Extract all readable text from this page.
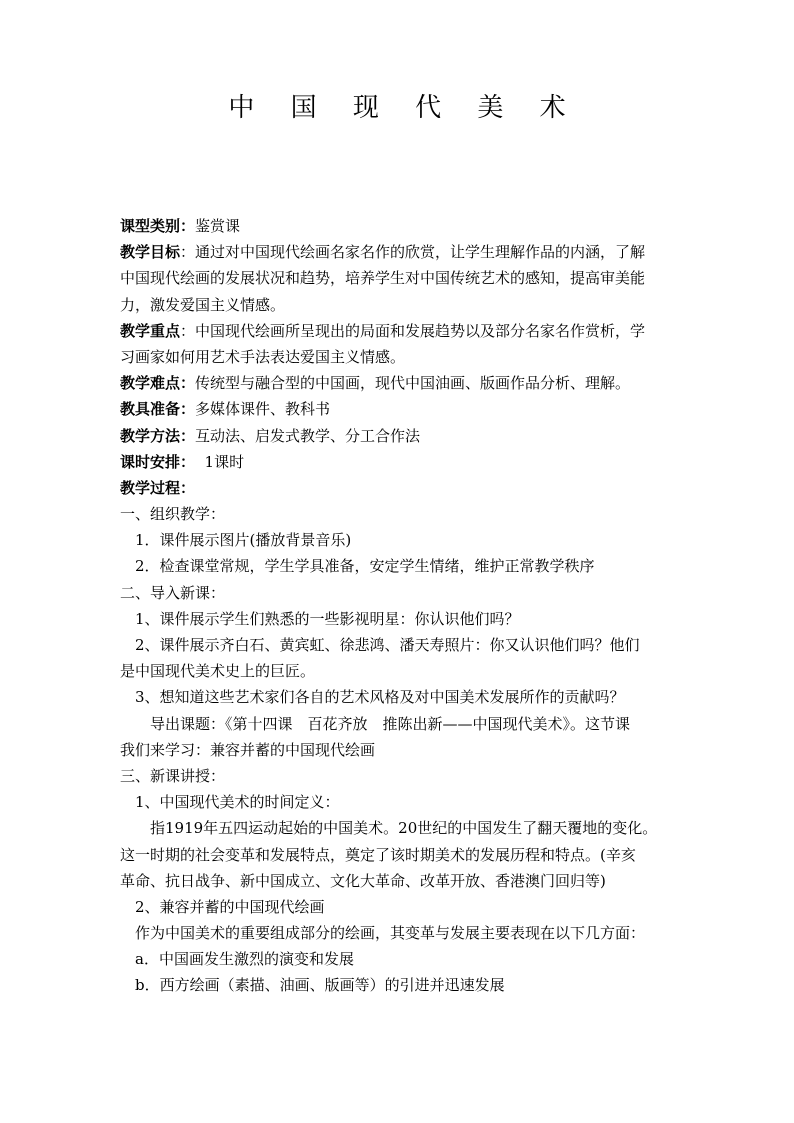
中 国 现 代 美 术
课型类别：鉴赏课
教学目标：通过对中国现代绘画名家名作的欣赏，让学生理解作品的内涵，了解
中国现代绘画的发展状况和趋势，培养学生对中国传统艺术的感知，提高审美能
力，激发爱国主义情感。
教学重点：中国现代绘画所呈现出的局面和发展趋势以及部分名家名作赏析，学
习画家如何用艺术手法表达爱国主义情感。
教学难点：传统型与融合型的中国画，现代中国油画、版画作品分析、理解。
教具准备：多媒体课件、教科书
教学方法：互动法、启发式教学、分工合作法
课时安排：  1课时
教学过程：
一、组织教学：
1．课件展示图片(播放背景音乐)
2．检查课堂常规，学生学具准备，安定学生情绪，维护正常教学秩序
二、导入新课：
1、课件展示学生们熟悉的一些影视明星：你认识他们吗？
2、课件展示齐白石、黄宾虹、徐悲鸿、潘天寿照片：你又认识他们吗？他们
是中国现代美术史上的巨匠。
3、想知道这些艺术家们各自的艺术风格及对中国美术发展所作的贡献吗？
导出课题：《第十四课　百花齐放　推陈出新——中国现代美术》。这节课
我们来学习：兼容并蓄的中国现代绘画
三、新课讲授：
1、中国现代美术的时间定义：
指1919年五四运动起始的中国美术。20世纪的中国发生了翻天覆地的变化。
这一时期的社会变革和发展特点，奠定了该时期美术的发展历程和特点。(辛亥
革命、抗日战争、新中国成立、文化大革命、改革开放、香港澳门回归等)
2、兼容并蓄的中国现代绘画
作为中国美术的重要组成部分的绘画，其变革与发展主要表现在以下几方面：
a．中国画发生激烈的演变和发展
b．西方绘画（素描、油画、版画等）的引进并迅速发展
